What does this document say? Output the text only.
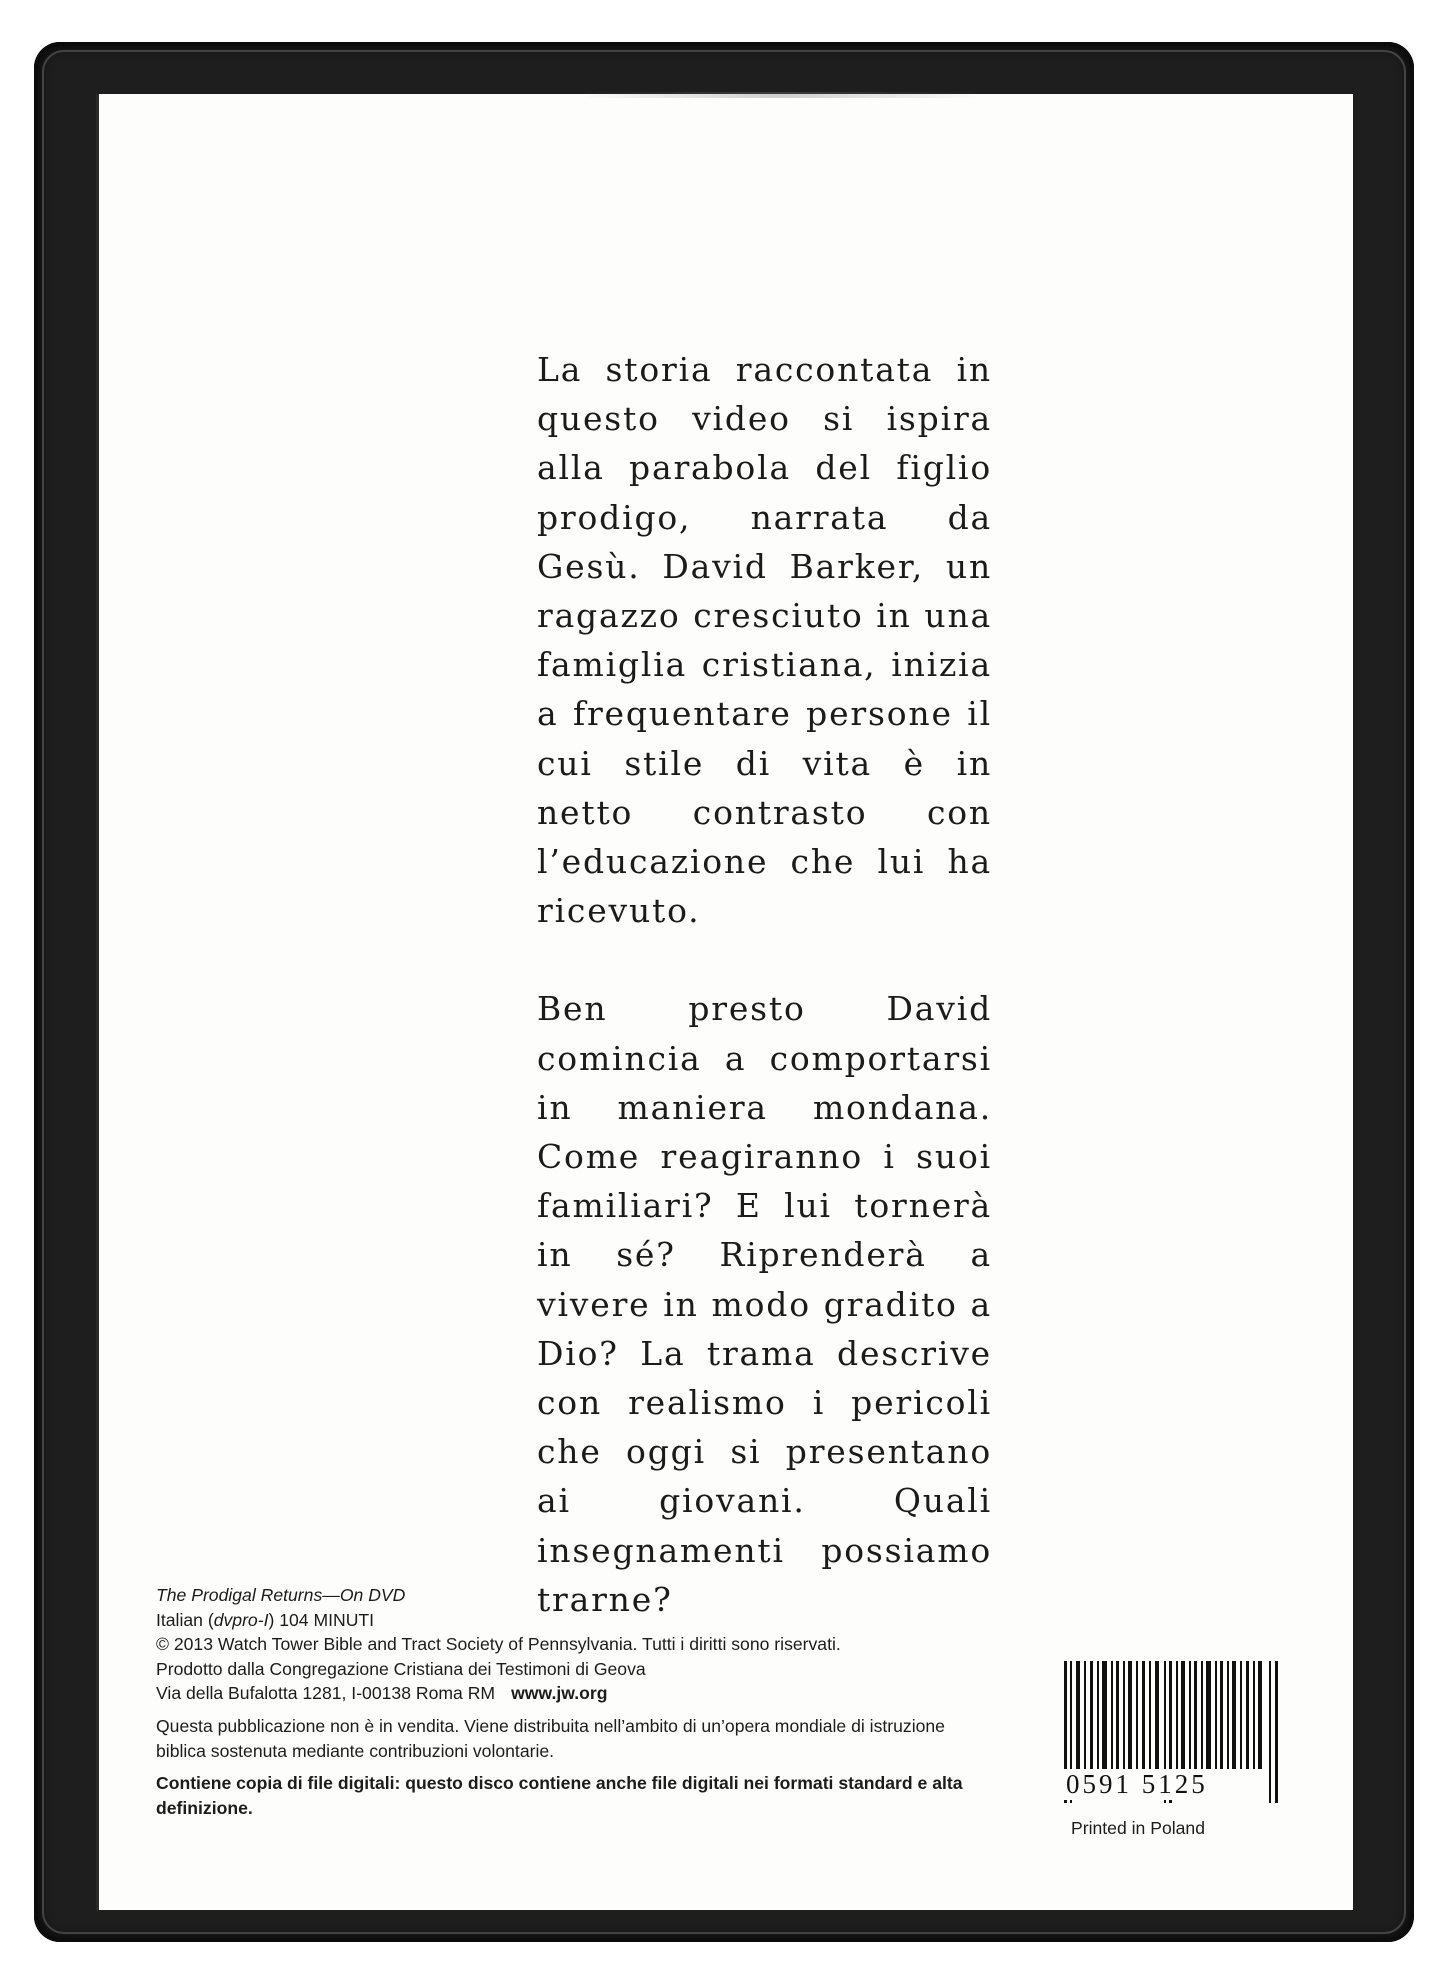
La storia raccontata in questo video si ispira alla parabola del figlio prodigo, narrata da Gesù. David Barker, un ragazzo cresciuto in una famiglia cristiana, inizia a frequentare persone il cui stile di vita è in netto contrasto con l’educazione che lui ha ricevuto.

Ben presto David comincia a comportarsi in maniera mondana. Come reagiranno i suoi familiari? E lui tornerà in sé? Riprenderà a vivere in modo gradito a Dio? La trama descrive con realismo i pericoli che oggi si presentano ai giovani. Quali insegnamenti possiamo trarne?

The Prodigal Returns—On DVD
Italian (dvpro-I) 104 MINUTI
© 2013 Watch Tower Bible and Tract Society of Pennsylvania. Tutti i diritti sono riservati.
Prodotto dalla Congregazione Cristiana dei Testimoni di Geova
Via della Bufalotta 1281, I-00138 Roma RM www.jw.org
Questa pubblicazione non è in vendita. Viene distribuita nell’ambito di un’opera mondiale di istruzione biblica sostenuta mediante contribuzioni volontarie.
Contiene copia di file digitali: questo disco contiene anche file digitali nei formati standard e alta definizione.
0591 5125
Printed in Poland
